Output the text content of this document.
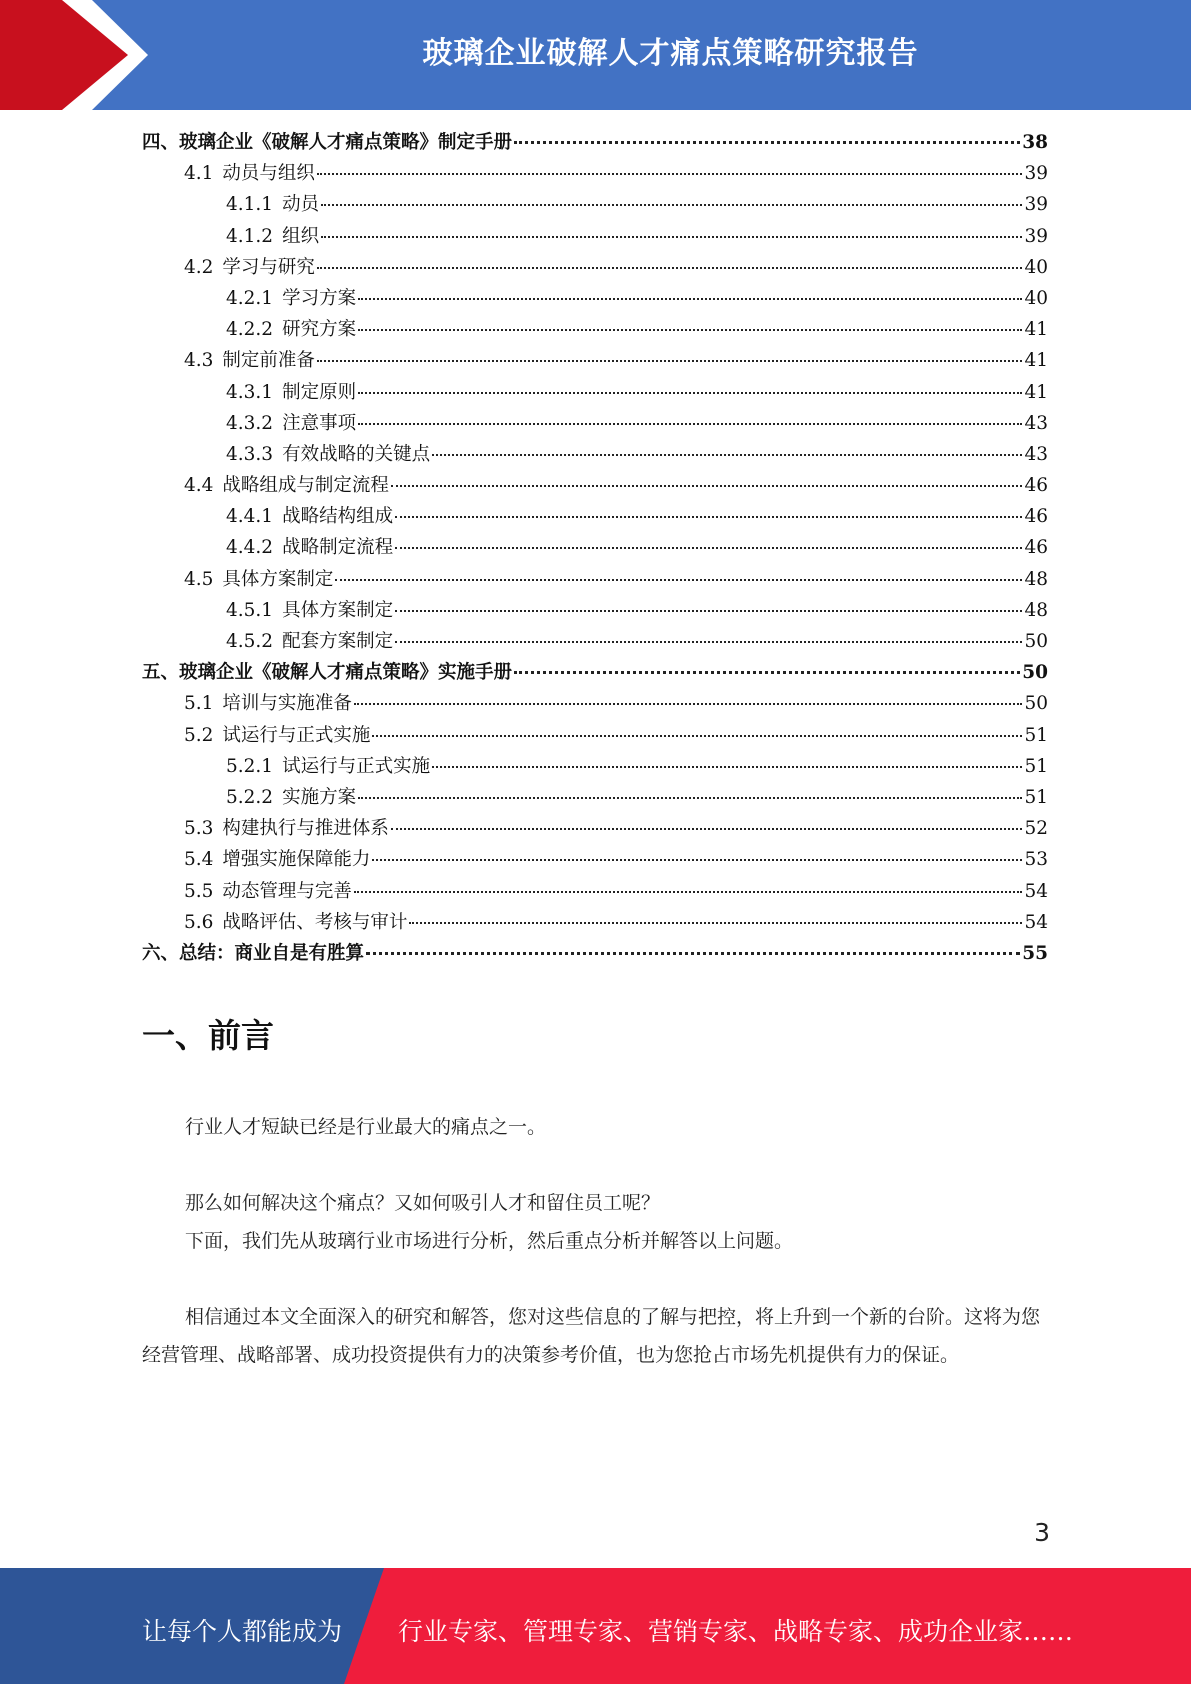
玻璃企业破解人才痛点策略研究报告
四、玻璃企业《破解人才痛点策略》制定手册	38
4.1 动员与组织	39
4.1.1 动员	39
4.1.2 组织	39
4.2 学习与研究	40
4.2.1 学习方案	40
4.2.2 研究方案	41
4.3 制定前准备	41
4.3.1 制定原则	41
4.3.2 注意事项	43
4.3.3 有效战略的关键点	43
4.4 战略组成与制定流程	46
4.4.1 战略结构组成	46
4.4.2 战略制定流程	46
4.5 具体方案制定	48
4.5.1 具体方案制定	48
4.5.2 配套方案制定	50
五、玻璃企业《破解人才痛点策略》实施手册	50
5.1 培训与实施准备	50
5.2 试运行与正式实施	51
5.2.1 试运行与正式实施	51
5.2.2 实施方案	51
5.3 构建执行与推进体系	52
5.4 增强实施保障能力	53
5.5 动态管理与完善	54
5.6 战略评估、考核与审计	54
六、总结：商业自是有胜算	55
一、前言

行业人才短缺已经是行业最大的痛点之一。

那么如何解决这个痛点？又如何吸引人才和留住员工呢？

下面，我们先从玻璃行业市场进行分析，然后重点分析并解答以上问题。

相信通过本文全面深入的研究和解答，您对这些信息的了解与把控，将上升到一个新的台阶。这将为您经营管理、战略部署、成功投资提供有力的决策参考价值，也为您抢占市场先机提供有力的保证。

3
让每个人都能成为 行业专家、管理专家、营销专家、战略专家、成功企业家……
